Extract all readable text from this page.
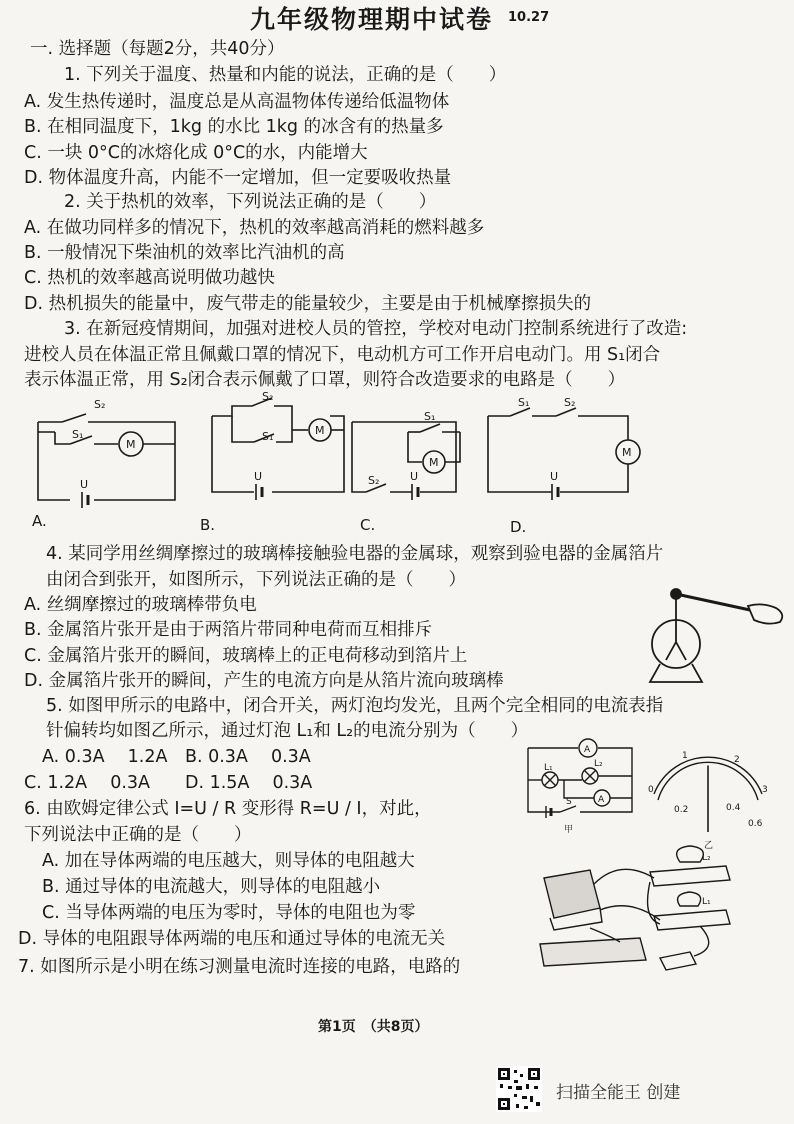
九年级物理期中试卷 10.27
一. 选择题（每题2分，共40分）
1. 下列关于温度、热量和内能的说法，正确的是（　　）
A. 发生热传递时，温度总是从高温物体传递给低温物体
B. 在相同温度下，1kg 的水比 1kg 的冰含有的热量多
C. 一块 0°C的冰熔化成 0°C的水，内能增大
D. 物体温度升高，内能不一定增加，但一定要吸收热量
2. 关于热机的效率，下列说法正确的是（　　）
A. 在做功同样多的情况下，热机的效率越高消耗的燃料越多
B. 一般情况下柴油机的效率比汽油机的高
C. 热机的效率越高说明做功越快
D. 热机损失的能量中，废气带走的能量较少，主要是由于机械摩擦损失的
3. 在新冠疫情期间，加强对进校人员的管控，学校对电动门控制系统进行了改造:
进校人员在体温正常且佩戴口罩的情况下，电动机方可工作开启电动门。用 S₁闭合
表示体温正常，用 S₂闭合表示佩戴了口罩，则符合改造要求的电路是（　　）
S₂
S₁
M
U
S₂
S₁	M
U
S₁
M
S₂	U
S₁	S₂
M
U
A.	B.	C.	D.
4. 某同学用丝绸摩擦过的玻璃棒接触验电器的金属球，观察到验电器的金属箔片
由闭合到张开，如图所示，下列说法正确的是（　　）
A. 丝绸摩擦过的玻璃棒带负电
B. 金属箔片张开是由于两箔片带同种电荷而互相排斥
C. 金属箔片张开的瞬间，玻璃棒上的正电荷移动到箔片上
D. 金属箔片张开的瞬间，产生的电流方向是从箔片流向玻璃棒
5. 如图甲所示的电路中，闭合开关，两灯泡均发光，且两个完全相同的电流表指
针偏转均如图乙所示，通过灯泡 L₁和 L₂的电流分别为（　　）
A. 0.3A　 1.2A　B. 0.3A　 0.3A
C. 1.2A　 0.3A　　D. 1.5A　 0.3A
A
L₁	L₂
A
S
甲
0
1	2
3
0.2	0.4
0.6
乙
6. 由欧姆定律公式 I=U / R 变形得 R=U / I，对此，
下列说法中正确的是（　　）
A. 加在导体两端的电压越大，则导体的电阻越大
B. 通过导体的电流越大，则导体的电阻越小
C. 当导体两端的电压为零时，导体的电阻也为零
D. 导体的电阻跟导体两端的电压和通过导体的电流无关
7. 如图所示是小明在练习测量电流时连接的电路，电路的
L₂
L₁
第1页　（共8页）
扫描全能王 创建
